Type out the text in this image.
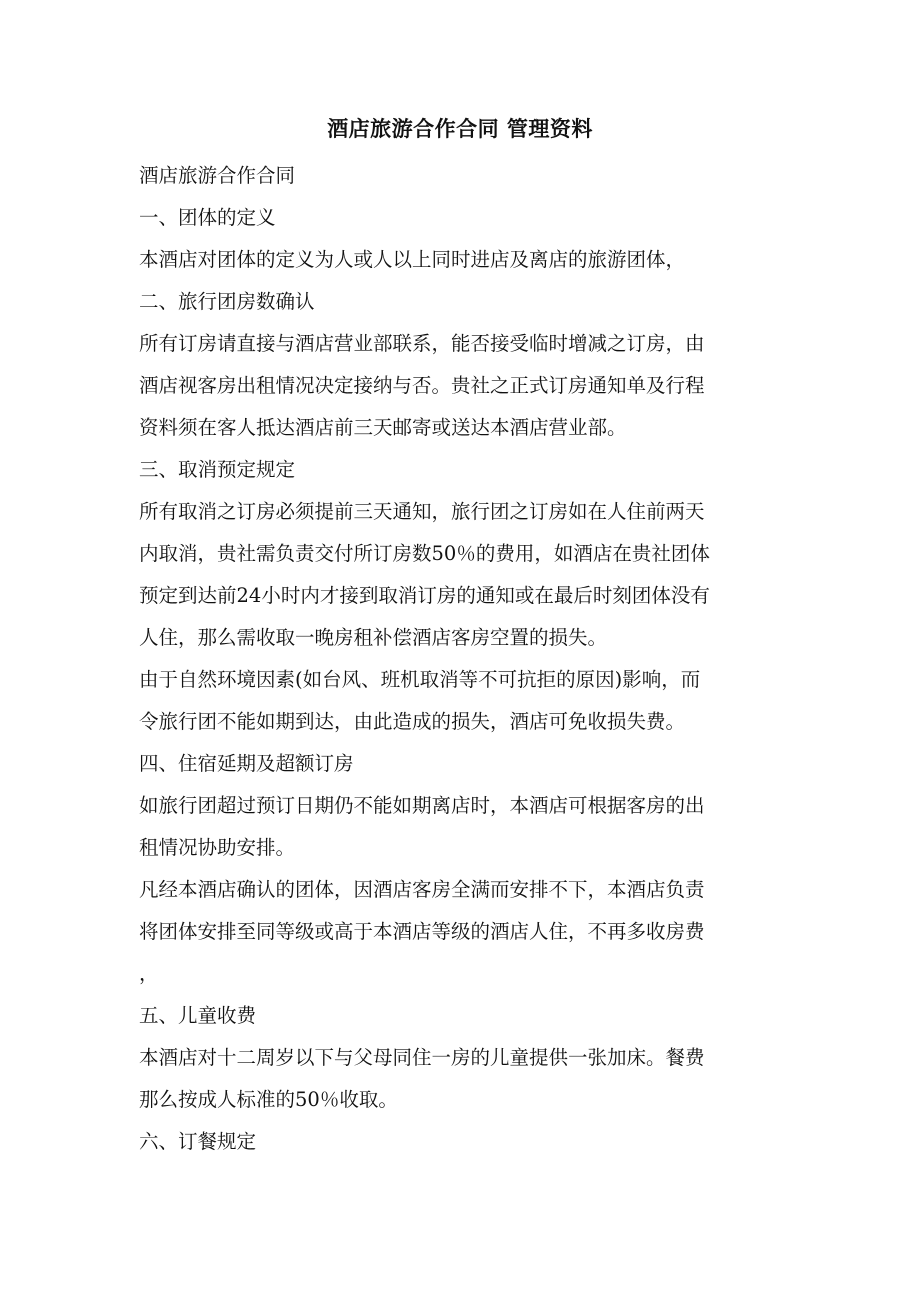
酒店旅游合作合同 管理资料
酒店旅游合作合同
一、团体的定义
本酒店对团体的定义为人或人以上同时进店及离店的旅游团体，
二、旅行团房数确认
所有订房请直接与酒店营业部联系，能否接受临时增减之订房，由
酒店视客房出租情况决定接纳与否。贵社之正式订房通知单及行程
资料须在客人抵达酒店前三天邮寄或送达本酒店营业部。
三、取消预定规定
所有取消之订房必须提前三天通知，旅行团之订房如在人住前两天
内取消，贵社需负责交付所订房数50％的费用，如酒店在贵社团体
预定到达前24小时内才接到取消订房的通知或在最后时刻团体没有
人住，那么需收取一晚房租补偿酒店客房空置的损失。
由于自然环境因素(如台风、班机取消等不可抗拒的原因)影响，而
令旅行团不能如期到达，由此造成的损失，酒店可免收损失费。
四、住宿延期及超额订房
如旅行团超过预订日期仍不能如期离店时，本酒店可根据客房的出
租情况协助安排。
凡经本酒店确认的团体，因酒店客房全满而安排不下，本酒店负责
将团体安排至同等级或高于本酒店等级的酒店人住，不再多收房费
，
五、儿童收费
本酒店对十二周岁以下与父母同住一房的儿童提供一张加床。餐费
那么按成人标准的50％收取。
六、订餐规定
